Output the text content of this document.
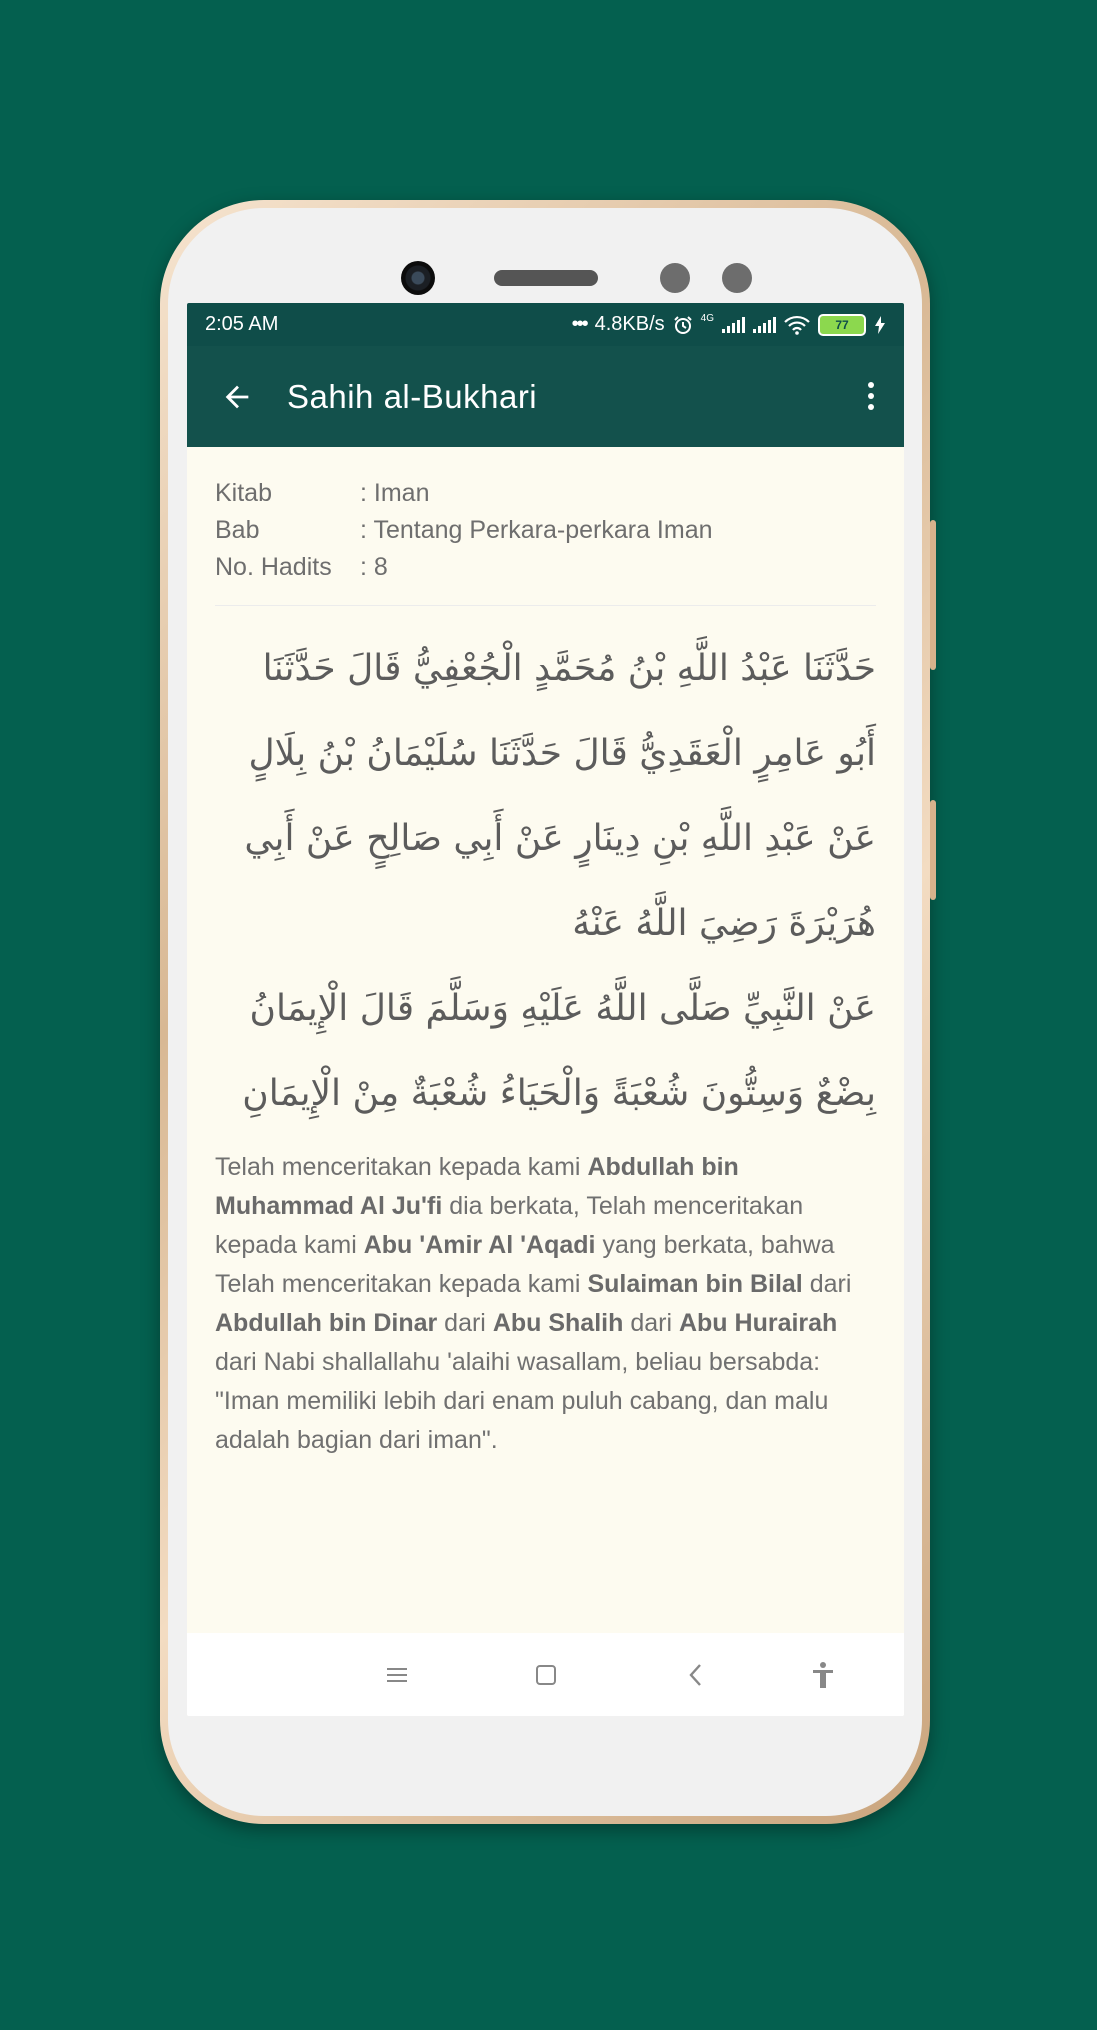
2:05 AM	••• 4.8KB/s	4G	77
Sahih al-Bukhari
Kitab	: Iman
Bab	: Tentang Perkara-perkara Iman
No. Hadits	: 8

حَدَّثَنَا عَبْدُ اللَّهِ بْنُ مُحَمَّدٍ الْجُعْفِيُّ قَالَ حَدَّثَنَا أَبُو عَامِرٍ الْعَقَدِيُّ قَالَ حَدَّثَنَا سُلَيْمَانُ بْنُ بِلَالٍ عَنْ عَبْدِ اللَّهِ بْنِ دِينَارٍ عَنْ أَبِي صَالِحٍ عَنْ أَبِي هُرَيْرَةَ رَضِيَ اللَّهُ عَنْهُ

عَنْ النَّبِيِّ صَلَّى اللَّهُ عَلَيْهِ وَسَلَّمَ قَالَ الْإِيمَانُ بِضْعٌ وَسِتُّونَ شُعْبَةً وَالْحَيَاءُ شُعْبَةٌ مِنْ الْإِيمَانِ

Telah menceritakan kepada kami Abdullah bin Muhammad Al Ju'fi dia berkata, Telah menceritakan kepada kami Abu 'Amir Al 'Aqadi yang berkata, bahwa Telah menceritakan kepada kami Sulaiman bin Bilal dari Abdullah bin Dinar dari Abu Shalih dari Abu Hurairah dari Nabi shallallahu 'alaihi wasallam, beliau bersabda: "Iman memiliki lebih dari enam puluh cabang, dan malu adalah bagian dari iman".
